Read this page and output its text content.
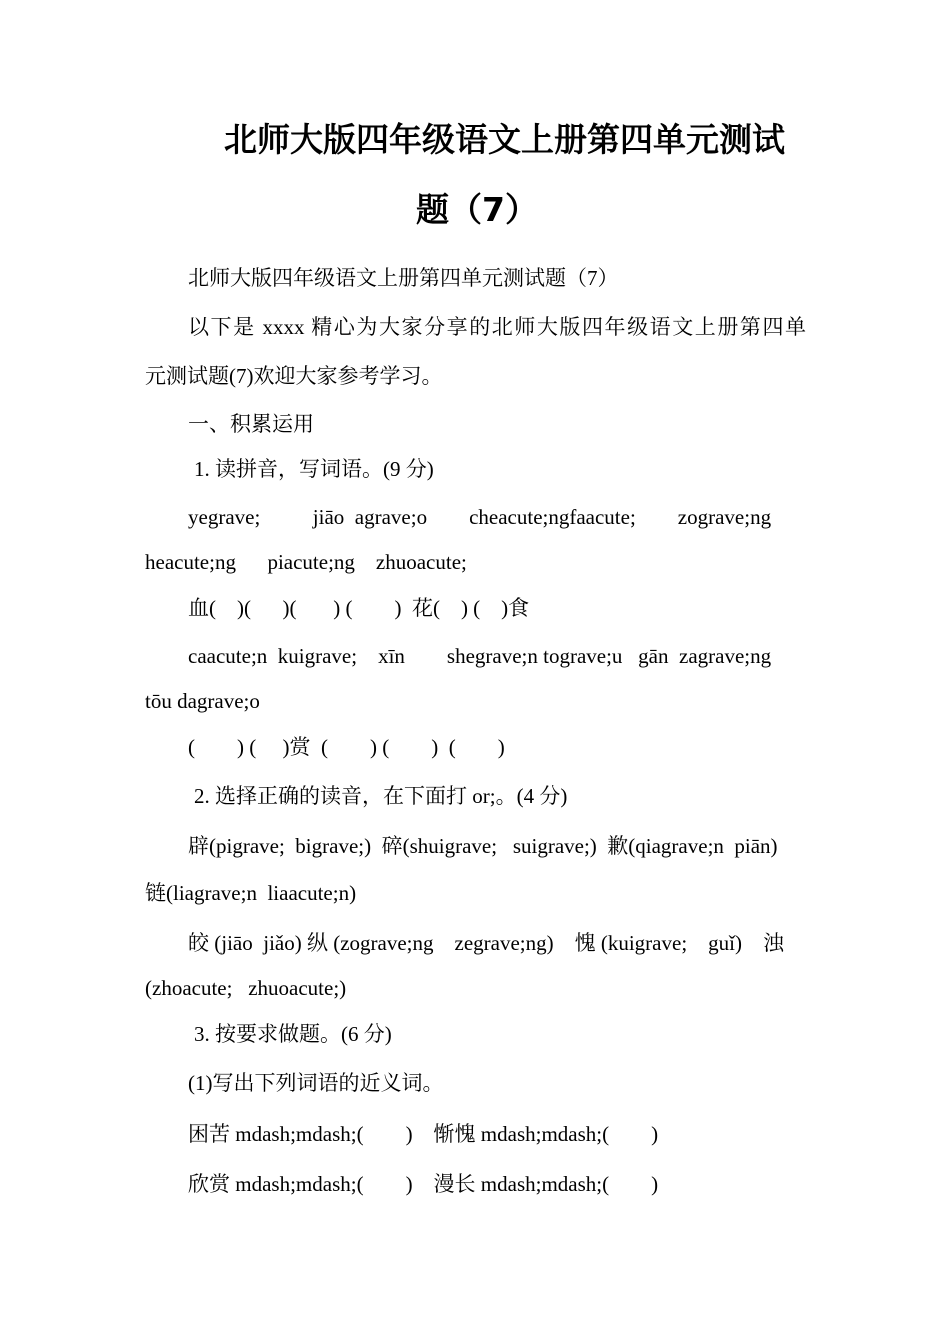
北师大版四年级语文上册第四单元测试
题（7）
北师大版四年级语文上册第四单元测试题（7）
以下是 xxxx 精心为大家分享的北师大版四年级语文上册第四单
元测试题(7)欢迎大家参考学习。
一、积累运用
1. 读拼音，写词语。(9 分)
yegrave;          jiāo  agrave;o        cheacute;ngfaacute;        zograve;ng
heacute;ng      piacute;ng    zhuoacute;
血(    )(      )(       ) (        )  花(    ) (    )食
caacute;n  kuigrave;    xīn        shegrave;n tograve;u   gān  zagrave;ng
tōu dagrave;o
(        ) (     )赏  (        ) (        )  (        )
2. 选择正确的读音，在下面打 or;。(4 分)
辟(pigrave;  bigrave;)  碎(shuigrave;   suigrave;)  歉(qiagrave;n  piān)
链(liagrave;n  liaacute;n)
皎 (jiāo  jiǎo) 纵 (zograve;ng    zegrave;ng)    愧 (kuigrave;    guǐ)    浊
(zhoacute;   zhuoacute;)
3. 按要求做题。(6 分)
(1)写出下列词语的近义词。
困苦 mdash;mdash;(        )    惭愧 mdash;mdash;(        )
欣赏 mdash;mdash;(        )    漫长 mdash;mdash;(        )
